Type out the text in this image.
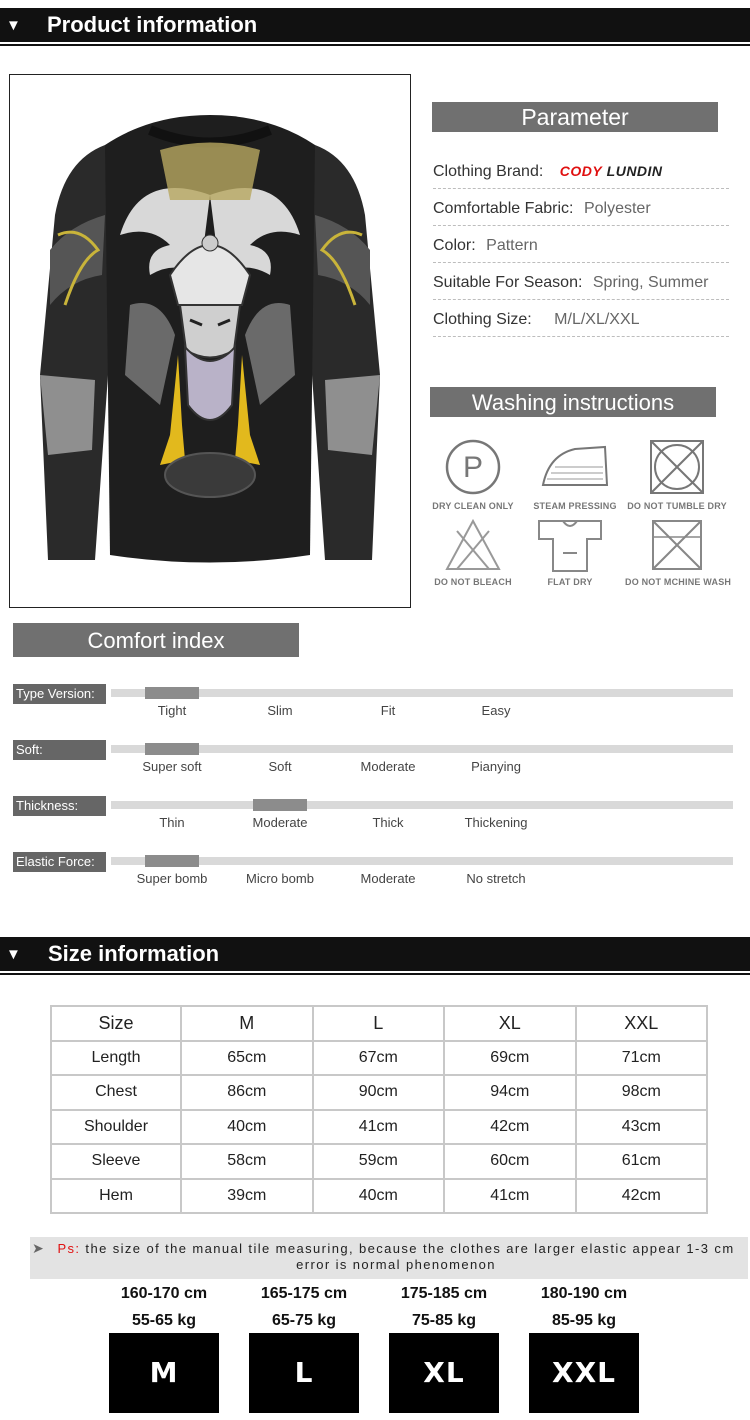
▼ Product information
Parameter
Clothing Brand: CODY LUNDIN
Comfortable Fabric: Polyester
Color: Pattern
Suitable For Season: Spring, Summer
Clothing Size: M/L/XL/XXL
Washing instructions
P
DRY CLEAN ONLY	STEAM PRESSING	DO NOT TUMBLE DRY
DO NOT BLEACH	FLAT DRY	DO NOT MCHINE WASH
Comfort index
Type Version:
Tight	Slim	Fit	Easy
Soft:
Super soft	Soft	Moderate	Pianying
Thickness:
Thin	Moderate	Thick	Thickening
Elastic Force:
Super bomb	Micro bomb	Moderate	No stretch
▼ Size information
Size	M	L	XL	XXL
Length	65cm	67cm	69cm	71cm
Chest	86cm	90cm	94cm	98cm
Shoulder	40cm	41cm	42cm	43cm
Sleeve	58cm	59cm	60cm	61cm
Hem	39cm	40cm	41cm	42cm
➤ Ps: the size of the manual tile measuring, because the clothes are larger elastic appear 1-3 cm error is normal phenomenon
160-170 cm
55-65 kg
M
165-175 cm
65-75 kg
L
175-185 cm
75-85 kg
XL
180-190 cm
85-95 kg
XXL
